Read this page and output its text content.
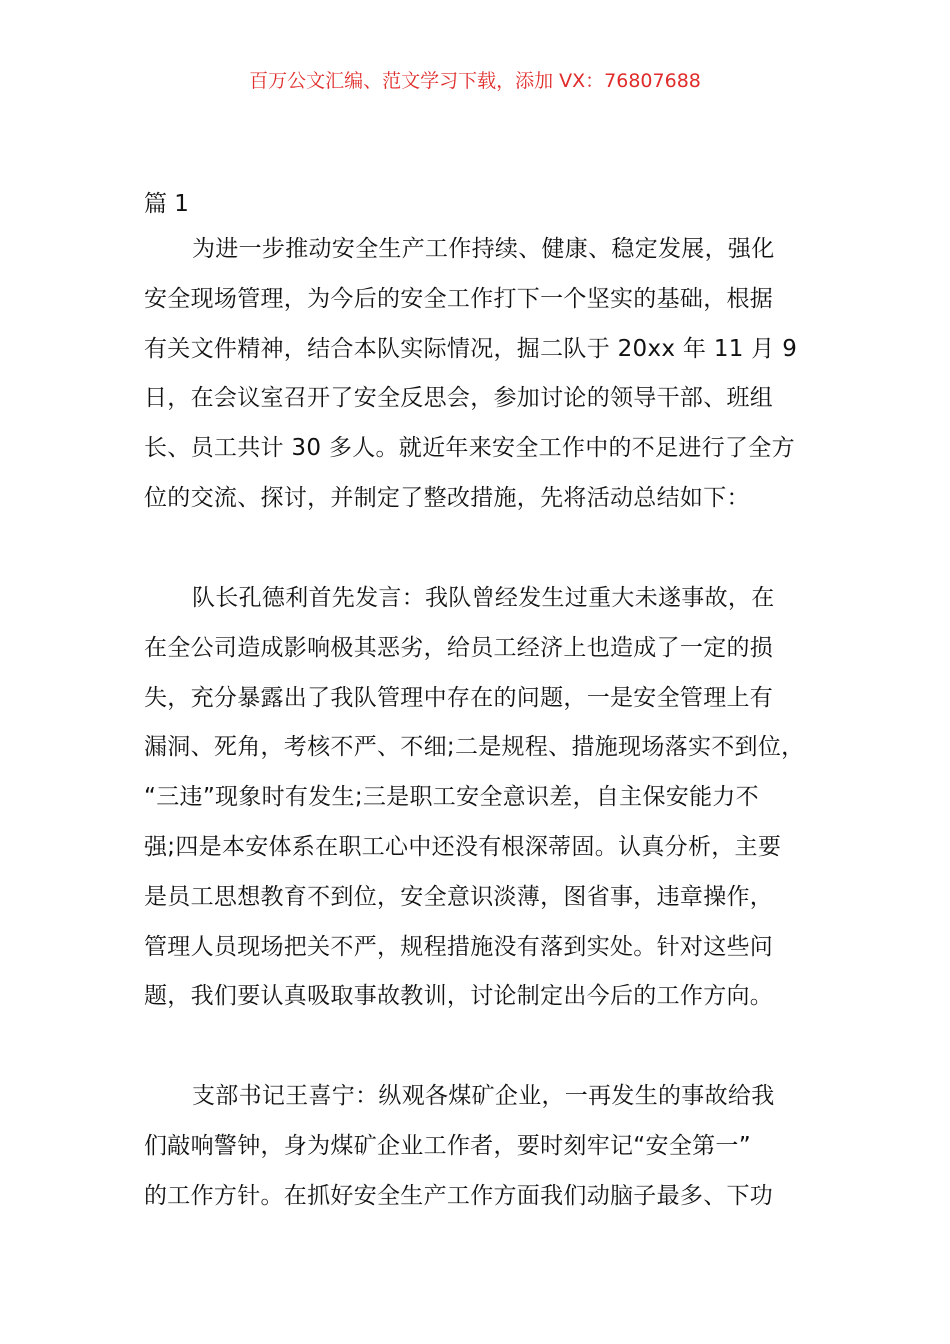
百万公文汇编、范文学习下载，添加 VX：76807688
篇 1
为进一步推动安全生产工作持续、健康、稳定发展，强化
安全现场管理，为今后的安全工作打下一个坚实的基础，根据
有关文件精神，结合本队实际情况，掘二队于 20xx 年 11 月 9
日，在会议室召开了安全反思会，参加讨论的领导干部、班组
长、员工共计 30 多人。就近年来安全工作中的不足进行了全方
位的交流、探讨，并制定了整改措施，先将活动总结如下：
队长孔德利首先发言：我队曾经发生过重大未遂事故，在
在全公司造成影响极其恶劣，给员工经济上也造成了一定的损
失，充分暴露出了我队管理中存在的问题，一是安全管理上有
漏洞、死角，考核不严、不细;二是规程、措施现场落实不到位，
“三违”现象时有发生;三是职工安全意识差，自主保安能力不
强;四是本安体系在职工心中还没有根深蒂固。认真分析，主要
是员工思想教育不到位，安全意识淡薄，图省事，违章操作，
管理人员现场把关不严，规程措施没有落到实处。针对这些问
题，我们要认真吸取事故教训，讨论制定出今后的工作方向。
支部书记王喜宁：纵观各煤矿企业，一再发生的事故给我
们敲响警钟，身为煤矿企业工作者，要时刻牢记“安全第一”
的工作方针。在抓好安全生产工作方面我们动脑子最多、下功
